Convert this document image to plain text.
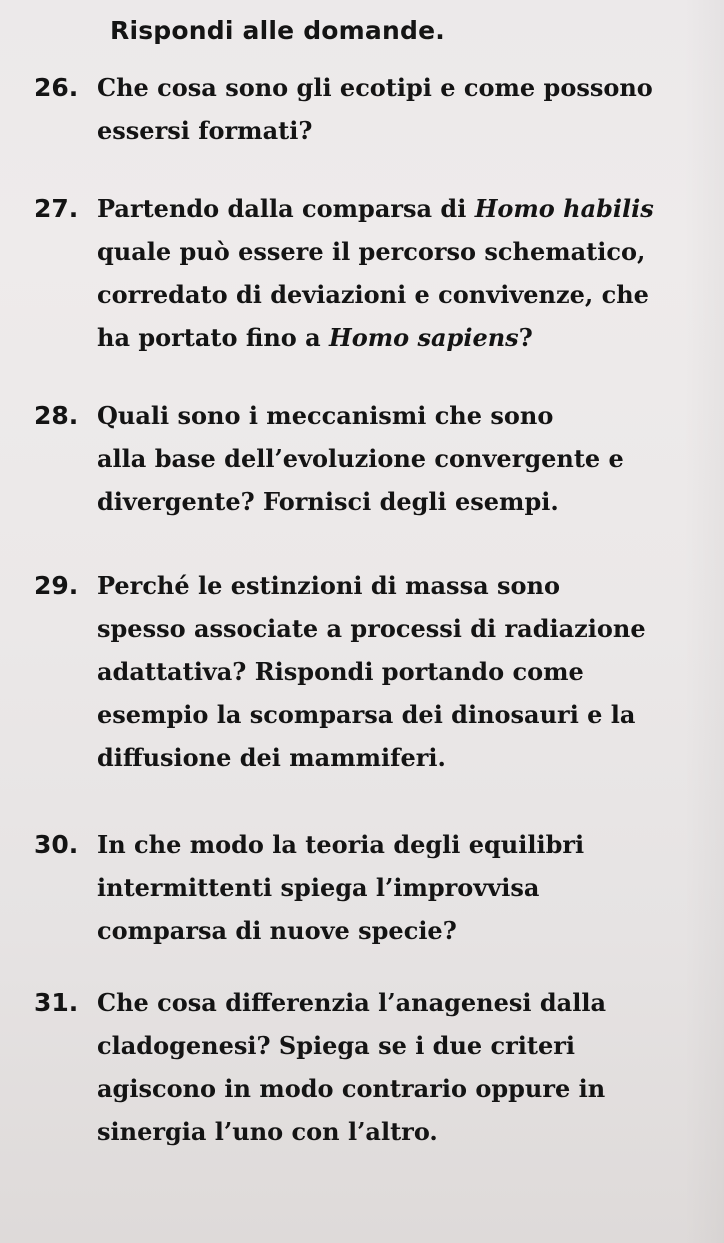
Rispondi alle domande.
26. Che cosa sono gli ecotipi e come possono
essersi formati?
27. Partendo dalla comparsa di Homo habilis
quale può essere il percorso schematico,
corredato di deviazioni e convivenze, che
ha portato fino a Homo sapiens?
28. Quali sono i meccanismi che sono
alla base dell’evoluzione convergente e
divergente? Fornisci degli esempi.
29. Perché le estinzioni di massa sono
spesso associate a processi di radiazione
adattativa? Rispondi portando come
esempio la scomparsa dei dinosauri e la
diffusione dei mammiferi.
30. In che modo la teoria degli equilibri
intermittenti spiega l’improvvisa
comparsa di nuove specie?
31. Che cosa differenzia l’anagenesi dalla
cladogenesi? Spiega se i due criteri
agiscono in modo contrario oppure in
sinergia l’uno con l’altro.
